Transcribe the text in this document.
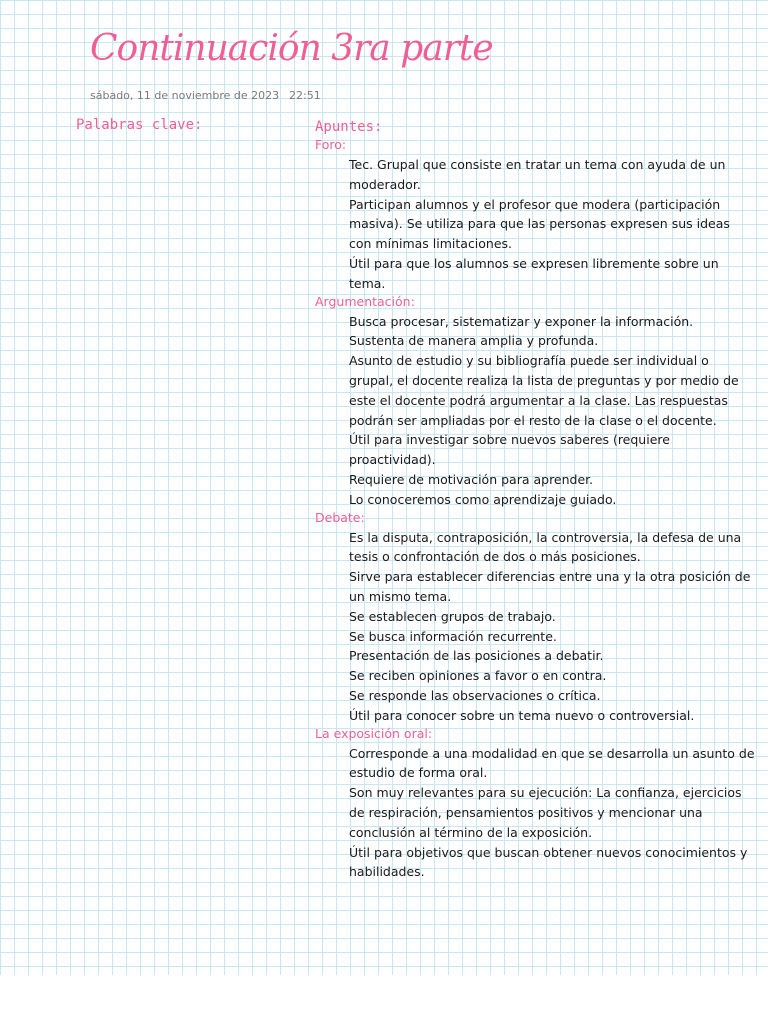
Continuación 3ra parte
sábado, 11 de noviembre de 2023 22:51
Palabras clave:	Apuntes:
Foro:
Tec. Grupal que consiste en tratar un tema con ayuda de un moderador.
Participan alumnos y el profesor que modera (participación masiva). Se utiliza para que las personas expresen sus ideas con mínimas limitaciones.
Útil para que los alumnos se expresen libremente sobre un tema.
Argumentación:
Busca procesar, sistematizar y exponer la información.
Sustenta de manera amplia y profunda.
Asunto de estudio y su bibliografía puede ser individual o grupal, el docente realiza la lista de preguntas y por medio de este el docente podrá argumentar a la clase. Las respuestas podrán ser ampliadas por el resto de la clase o el docente.
Útil para investigar sobre nuevos saberes (requiere proactividad).
Requiere de motivación para aprender.
Lo conoceremos como aprendizaje guiado.
Debate:
Es la disputa, contraposición, la controversia, la defesa de una tesis o confrontación de dos o más posiciones.
Sirve para establecer diferencias entre una y la otra posición de un mismo tema.
Se establecen grupos de trabajo.
Se busca información recurrente.
Presentación de las posiciones a debatir.
Se reciben opiniones a favor o en contra.
Se responde las observaciones o crítica.
Útil para conocer sobre un tema nuevo o controversial.
La exposición oral:
Corresponde a una modalidad en que se desarrolla un asunto de estudio de forma oral.
Son muy relevantes para su ejecución: La confianza, ejercicios de respiración, pensamientos positivos y mencionar una conclusión al término de la exposición.
Útil para objetivos que buscan obtener nuevos conocimientos y habilidades.
